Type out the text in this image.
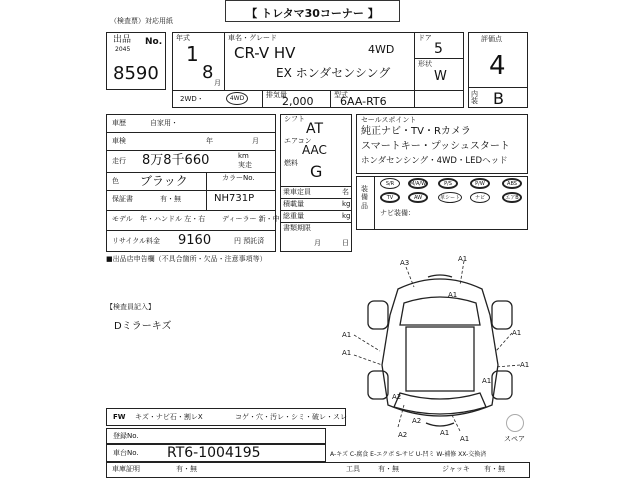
【 トレタマ30コーナー 】
（検査票）対応用紙
出品 No.
2045
8590
年式
1
8 月
車名・グレード
CR-V HV	4WD
EX ホンダセンシング
ドア
5
形状
W
2WD・	4WD	排気量
2,000	型式
6AA-RT6
評価点
4
内装 B
車歴	自家用・
車検	年	月
走行 8万8千660	km
実走
色 ブラック	カラーNo.
NH731P
保証書	有・無
モデル 年・ハンドル 左・右 ディーラー 新・中
リサイクル料金 9160	円 預託済
■出品店申告欄（不具合箇所・欠品・注意事項等）
シフト
AT
エアコン
AAC
燃料 G
乗車定員
積載量
総重量
名
kg
kg
書類期限
月	日
セールスポイント
純正ナビ・TV・Rカメラ
スマートキー・プッシュスタート
ホンダセンシング・4WD・LEDヘッド
装備品
S/R	M/A/W	P/S	P/W	ABS
TV	AW	革シート	ナビ	エアB
ナビ装備：
【検査員記入】
Dミラーキズ
A3	A1
A1
A1
A1
A1
A1
A1
A1
A2
A2
A2	A1	スペア
FW キズ・ナビ石・割レX	コゲ・穴・汚レ・シミ・破レ・スレ
登録No.
車台No. RT6-1004195
車庫証明	有・無	工具	有・無	ジャッキ 有・無
A-キズ C-腐食 E-エクボ S-サビ U-凹ミ W-補修 XX-交換済
